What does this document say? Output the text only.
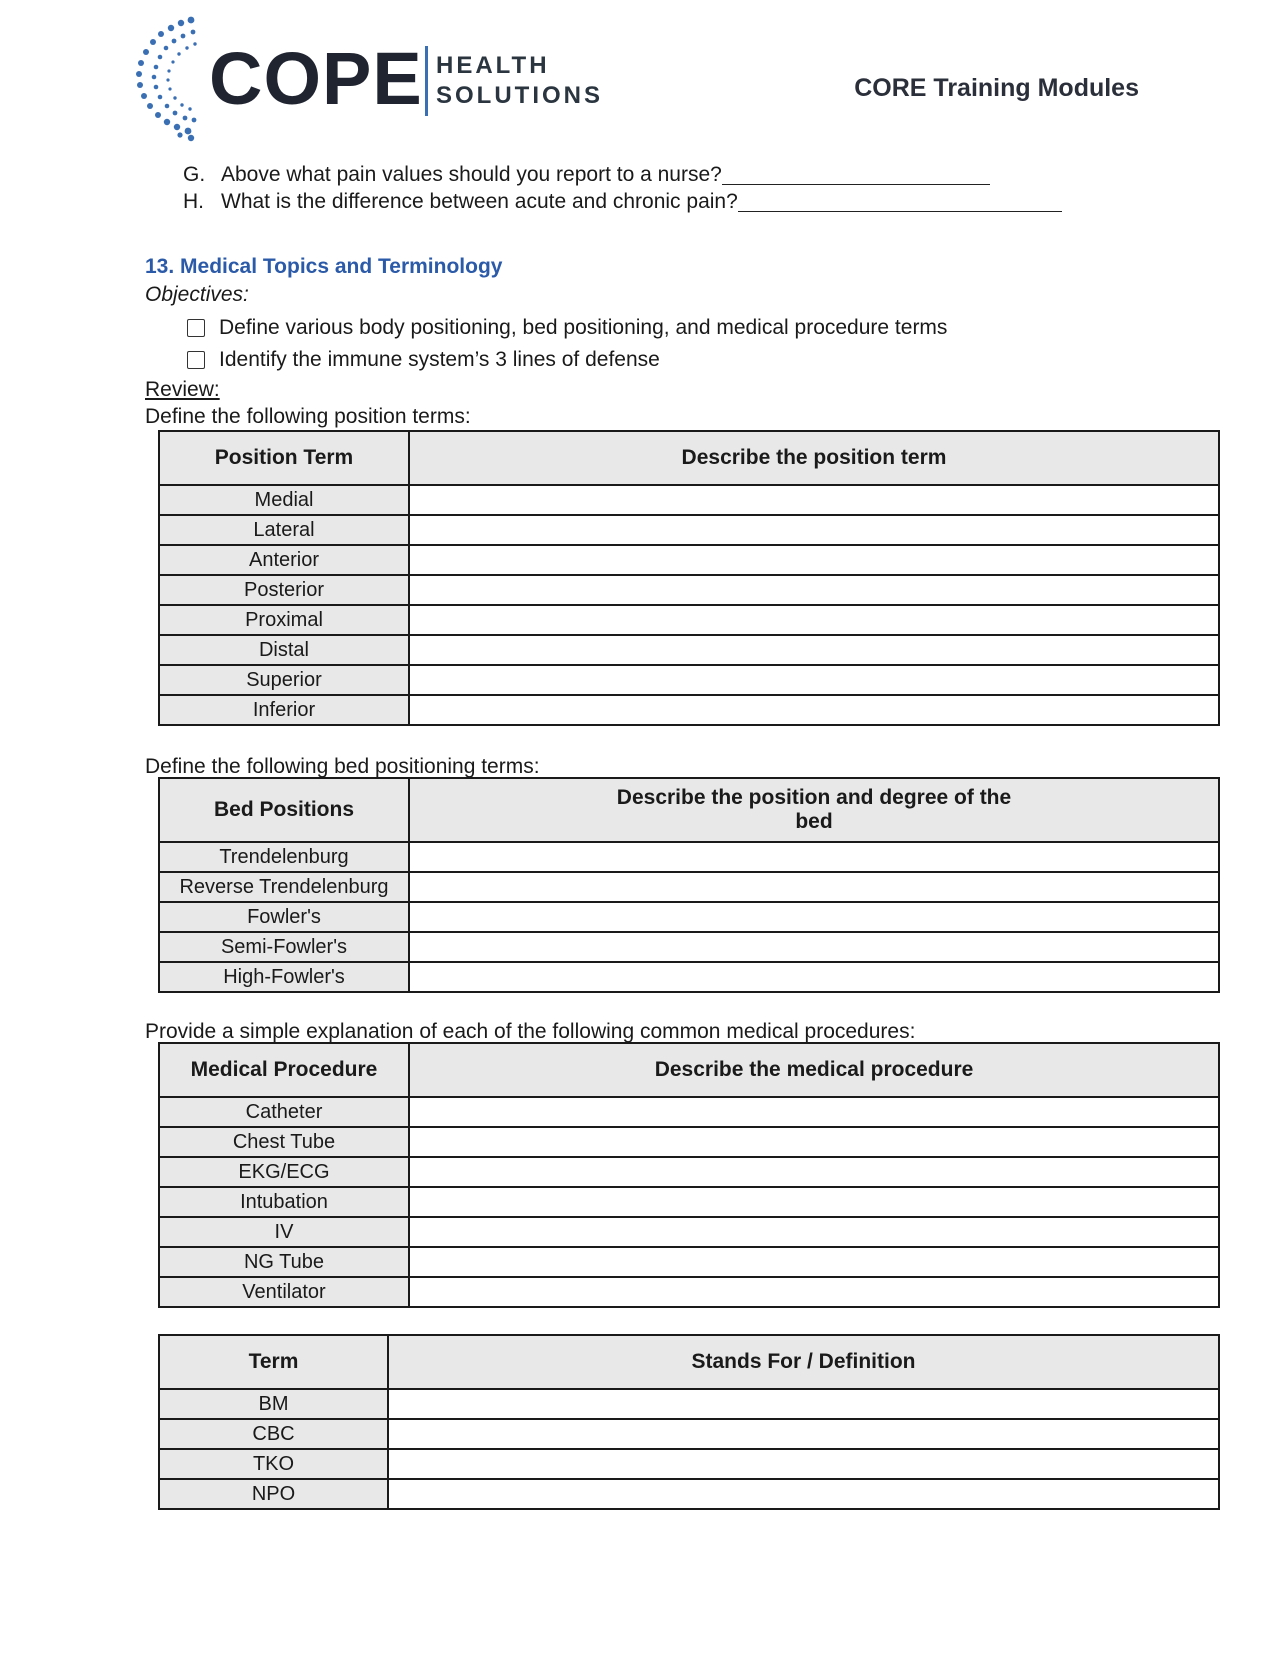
COPE HEALTH
SOLUTIONS	CORE Training Modules
G. Above what pain values should you report to a nurse?
H. What is the difference between acute and chronic pain?
13. Medical Topics and Terminology
Objectives:
Define various body positioning, bed positioning, and medical procedure terms
Identify the immune system’s 3 lines of defense
Review:
Define the following position terms:
Position Term	Describe the position term
Medial	
Lateral	
Anterior	
Posterior	
Proximal	
Distal	
Superior	
Inferior	
Define the following bed positioning terms:
Bed Positions	Describe the position and degree of the bed

Trendelenburg	
Reverse Trendelenburg	
Fowler's	
Semi-Fowler's	
High-Fowler's	
Provide a simple explanation of each of the following common medical procedures:
Medical Procedure	Describe the medical procedure
Catheter	
Chest Tube	
EKG/ECG	
Intubation	
IV	
NG Tube	
Ventilator	
Term	Stands For / Definition
BM	
CBC	
TKO	
NPO	
